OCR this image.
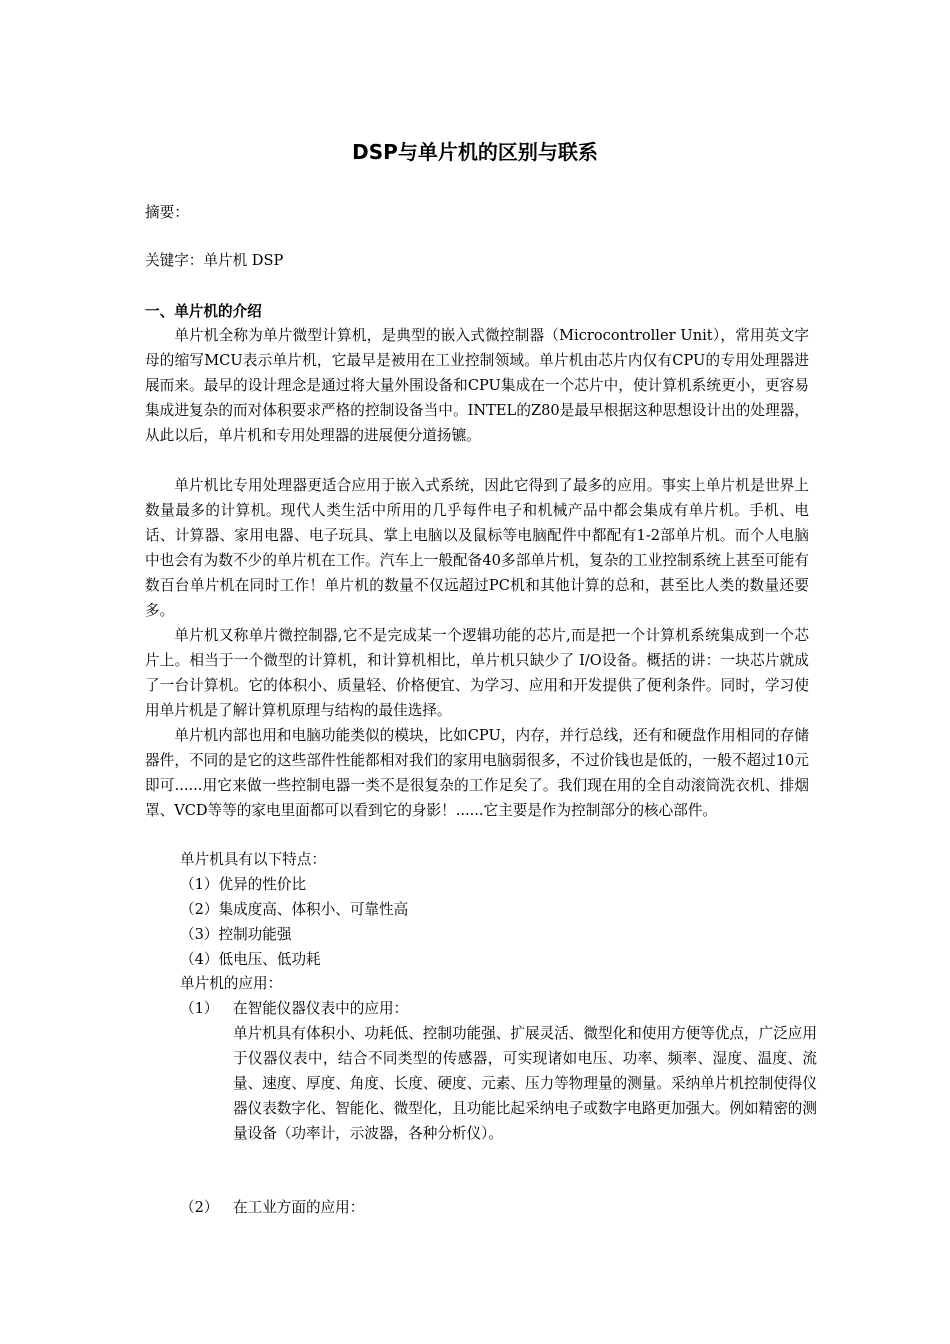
DSP与单片机的区别与联系
摘要：
关键字：单片机 DSP
一、单片机的介绍
单片机全称为单片微型计算机，是典型的嵌入式微控制器（Microcontroller Unit），常用英文字母的缩写MCU表示单片机，它最早是被用在工业控制领域。单片机由芯片内仅有CPU的专用处理器进展而来。最早的设计理念是通过将大量外围设备和CPU集成在一个芯片中，使计算机系统更小，更容易集成进复杂的而对体积要求严格的控制设备当中。INTEL的Z80是最早根据这种思想设计出的处理器，从此以后，单片机和专用处理器的进展便分道扬镳。
单片机比专用处理器更适合应用于嵌入式系统，因此它得到了最多的应用。事实上单片机是世界上数量最多的计算机。现代人类生活中所用的几乎每件电子和机械产品中都会集成有单片机。手机、电话、计算器、家用电器、电子玩具、掌上电脑以及鼠标等电脑配件中都配有1-2部单片机。而个人电脑中也会有为数不少的单片机在工作。汽车上一般配备40多部单片机，复杂的工业控制系统上甚至可能有数百台单片机在同时工作！单片机的数量不仅远超过PC机和其他计算的总和，甚至比人类的数量还要多。
单片机又称单片微控制器,它不是完成某一个逻辑功能的芯片,而是把一个计算机系统集成到一个芯片上。相当于一个微型的计算机，和计算机相比，单片机只缺少了 I/O设备。概括的讲：一块芯片就成了一台计算机。它的体积小、质量轻、价格便宜、为学习、应用和开发提供了便利条件。同时，学习使用单片机是了解计算机原理与结构的最佳选择。
单片机内部也用和电脑功能类似的模块，比如CPU，内存，并行总线，还有和硬盘作用相同的存储器件，不同的是它的这些部件性能都相对我们的家用电脑弱很多，不过价钱也是低的，一般不超过10元即可......用它来做一些控制电器一类不是很复杂的工作足矣了。我们现在用的全自动滚筒洗衣机、排烟罩、VCD等等的家电里面都可以看到它的身影！......它主要是作为控制部分的核心部件。
单片机具有以下特点：
（1）优异的性价比
（2）集成度高、体积小、可靠性高
（3）控制功能强
（4）低电压、低功耗
单片机的应用：
（1） 在智能仪器仪表中的应用：
单片机具有体积小、功耗低、控制功能强、扩展灵活、微型化和使用方便等优点，广泛应用于仪器仪表中，结合不同类型的传感器，可实现诸如电压、功率、频率、湿度、温度、流量、速度、厚度、角度、长度、硬度、元素、压力等物理量的测量。采纳单片机控制使得仪器仪表数字化、智能化、微型化，且功能比起采纳电子或数字电路更加强大。例如精密的测量设备（功率计，示波器，各种分析仪）。
（2） 在工业方面的应用：
